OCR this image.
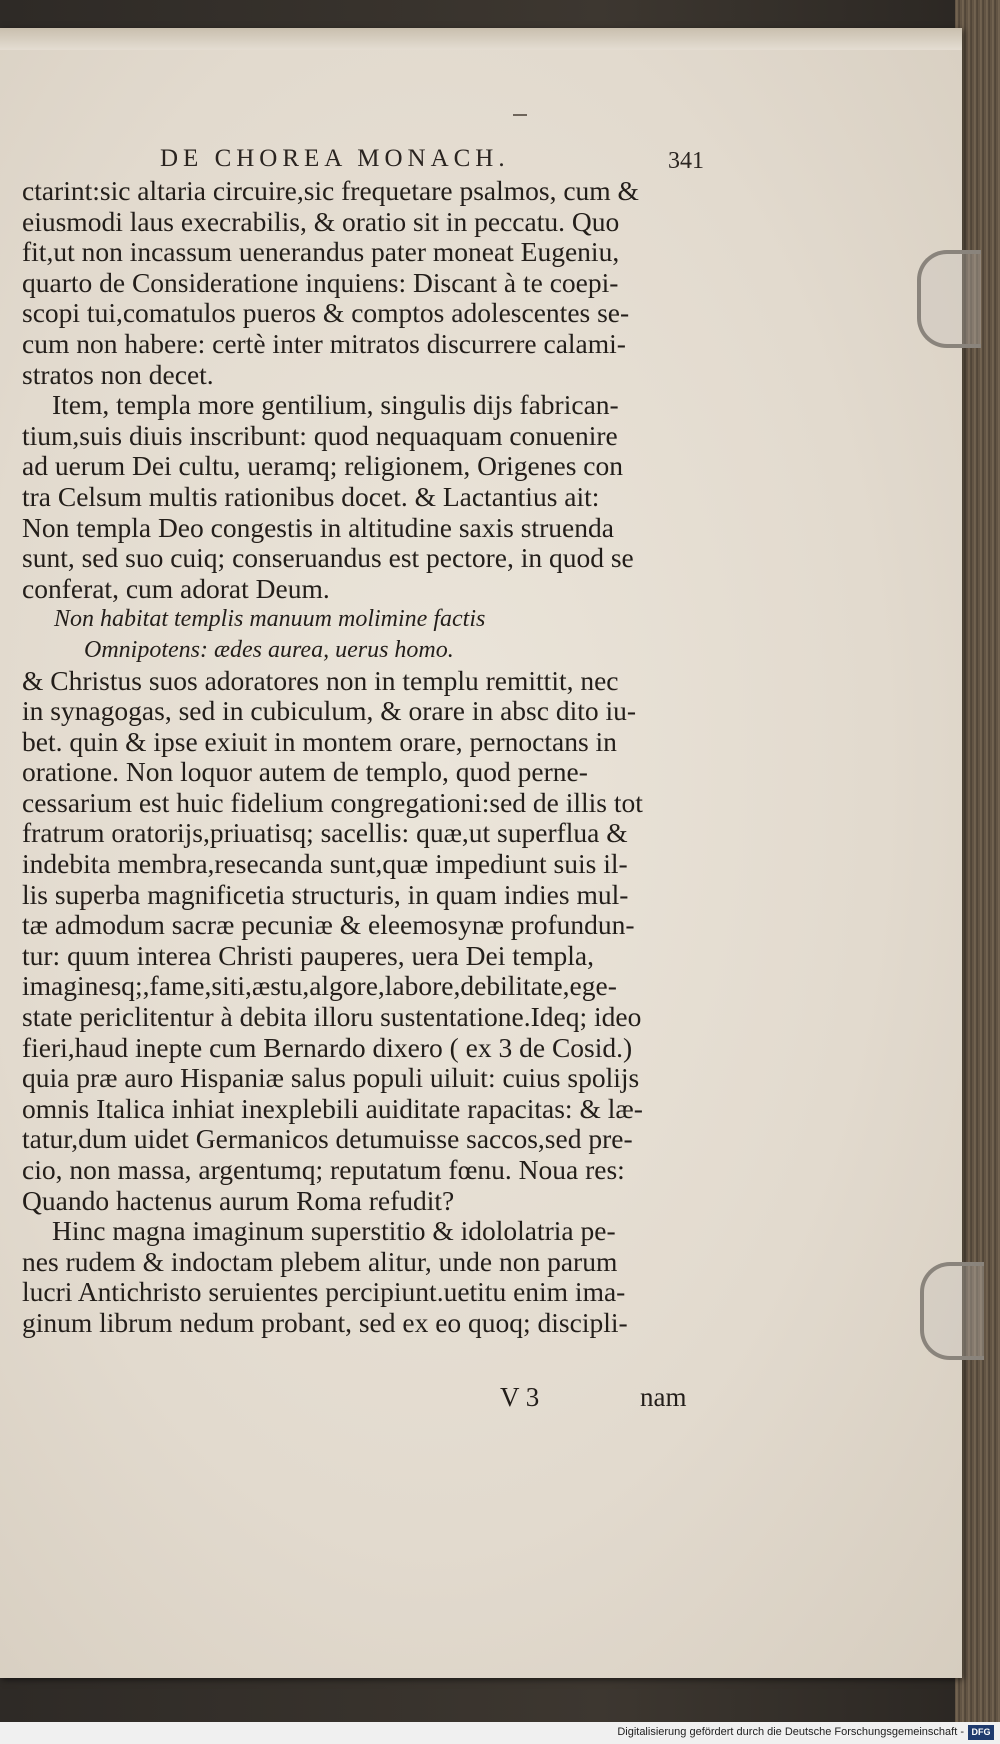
DE CHOREA MONACH.	341
ctarint:sic altaria circuire,sic frequetare psalmos, cum &
eiusmodi laus execrabilis, & oratio sit in peccatu. Quo
fit,ut non incassum uenerandus pater moneat Eugeniu,
quarto de Consideratione inquiens: Discant à te coepi-
scopi tui,comatulos pueros & comptos adolescentes se-
cum non habere: certè inter mitratos discurrere calami-
stratos non decet.
Item, templa more gentilium, singulis dijs fabrican-
tium,suis diuis inscribunt: quod nequaquam conuenire
ad uerum Dei cultu, ueramq; religionem, Origenes con
tra Celsum multis rationibus docet. & Lactantius ait:
Non templa Deo congestis in altitudine saxis struenda
sunt, sed suo cuiq; conseruandus est pectore, in quod se
conferat, cum adorat Deum.
Non habitat templis manuum molimine factis
Omnipotens: ædes aurea, uerus homo.
& Christus suos adoratores non in templu remittit, nec
in synagogas, sed in cubiculum, & orare in absc dito iu-
bet. quin & ipse exiuit in montem orare, pernoctans in
oratione. Non loquor autem de templo, quod perne-
cessarium est huic fidelium congregationi:sed de illis tot
fratrum oratorijs,priuatisq; sacellis: quæ,ut superflua &
indebita membra,resecanda sunt,quæ impediunt suis il-
lis superba magnificetia structuris, in quam indies mul-
tæ admodum sacræ pecuniæ & eleemosynæ profundun-
tur: quum interea Christi pauperes, uera Dei templa,
imaginesq;,fame,siti,æstu,algore,labore,debilitate,ege-
state periclitentur à debita illoru sustentatione.Ideq; ideo
fieri,haud inepte cum Bernardo dixero ( ex 3 de Cosid.)
quia præ auro Hispaniæ salus populi uiluit: cuius spolijs
omnis Italica inhiat inexplebili auiditate rapacitas: & læ-
tatur,dum uidet Germanicos detumuisse saccos,sed pre-
cio, non massa, argentumq; reputatum fœnu. Noua res:
Quando hactenus aurum Roma refudit?
Hinc magna imaginum superstitio & idololatria pe-
nes rudem & indoctam plebem alitur, unde non parum
lucri Antichristo seruientes percipiunt.uetitu enim ima-
ginum librum nedum probant, sed ex eo quoq; discipli-
V 3	nam
Digitalisierung gefördert durch die Deutsche Forschungsgemeinschaft - DFG
